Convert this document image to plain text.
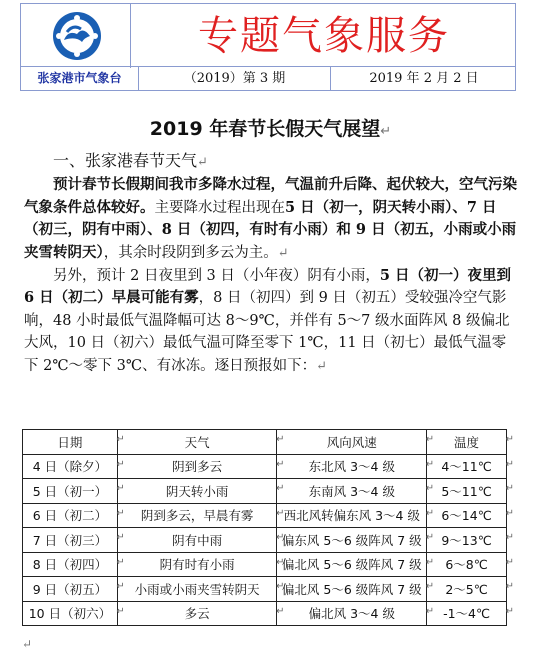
专题气象服务
张家港市气象台	（2019）第 3 期	2019 年 2 月 2 日
2019 年春节长假天气展望↵

一、张家港春节天气↵

预计春节长假期间我市多降水过程，气温前升后降、起伏较大，空气污染气象条件总体较好。主要降水过程出现在5 日（初一，阴天转小雨）、7 日（初三，阴有中雨）、8 日（初四，有时有小雨）和 9 日（初五，小雨或小雨夹雪转阴天），其余时段阴到多云为主。↵

另外，预计 2 日夜里到 3 日（小年夜）阴有小雨，5 日（初一）夜里到 6 日（初二）早晨可能有雾，8 日（初四）到 9 日（初五）受较强冷空气影响，48 小时最低气温降幅可达 8～9℃，并伴有 5～7 级水面阵风 8 级偏北大风，10 日（初六）最低气温可降至零下 1℃，11 日（初七）最低气温零下 2℃～零下 3℃、有冰冻。逐日预报如下：↵

日期 ↵	天气 ↵	风向风速 ↵	温度 ↵

4 日（除夕） ↵	阴到多云 ↵	东北风 3～4 级 ↵	4～11℃ ↵

5 日（初一） ↵	阴天转小雨 ↵	东南风 3～4 级 ↵	5～11℃ ↵

6 日（初二） ↵	阴到多云，早晨有雾 ↵	西北风转偏东风 3～4 级 ↵	6～14℃ ↵

7 日（初三） ↵	阴有中雨 ↵	偏东风 5～6 级阵风 7 级 ↵	9～13℃ ↵

8 日（初四） ↵	阴有时有小雨 ↵	偏北风 5～6 级阵风 7 级 ↵	6～8℃ ↵

9 日（初五） ↵	小雨或小雨夹雪转阴天 ↵	偏北风 5～6 级阵风 7 级 ↵	2～5℃ ↵

10 日（初六） ↵	多云 ↵	偏北风 3～4 级 ↵	-1～4℃ ↵
↵
